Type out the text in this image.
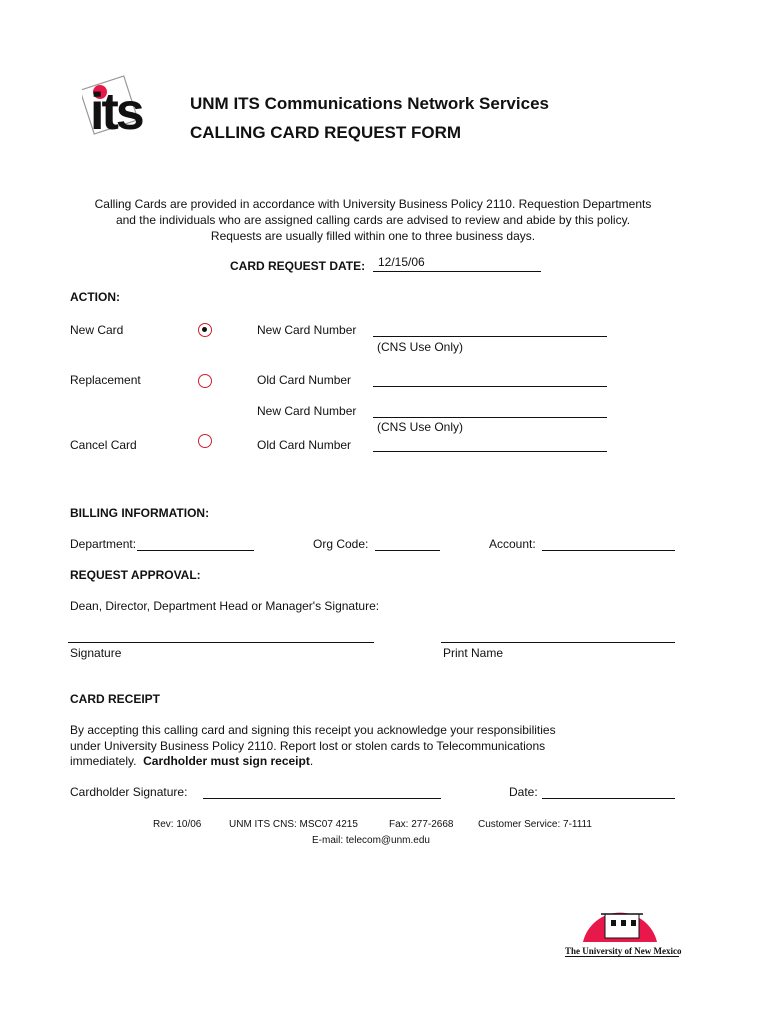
its	UNM ITS Communications Network Services
CALLING CARD REQUEST FORM
Calling Cards are provided in accordance with University Business Policy 2110. Requestion Departments
and the individuals who are assigned calling cards are advised to review and abide by this policy.
Requests are usually filled within one to three business days.
CARD REQUEST DATE: 12/15/06
ACTION:
New Card	New Card Number
(CNS Use Only)
Replacement	Old Card Number
New Card Number
(CNS Use Only)
Cancel Card	Old Card Number
BILLING INFORMATION:
Department:	Org Code:	Account:
REQUEST APPROVAL:
Dean, Director, Department Head or Manager's Signature:
Signature	Print Name
CARD RECEIPT
By accepting this calling card and signing this receipt you acknowledge your responsibilities
under University Business Policy 2110. Report lost or stolen cards to Telecommunications
immediately.  Cardholder must sign receipt.
Cardholder Signature:	Date:
Rev: 10/06	UNM ITS CNS: MSC07 4215	Fax: 277-2668 Customer Service: 7-1111
E-mail: telecom@unm.edu
The University of New Mexico
